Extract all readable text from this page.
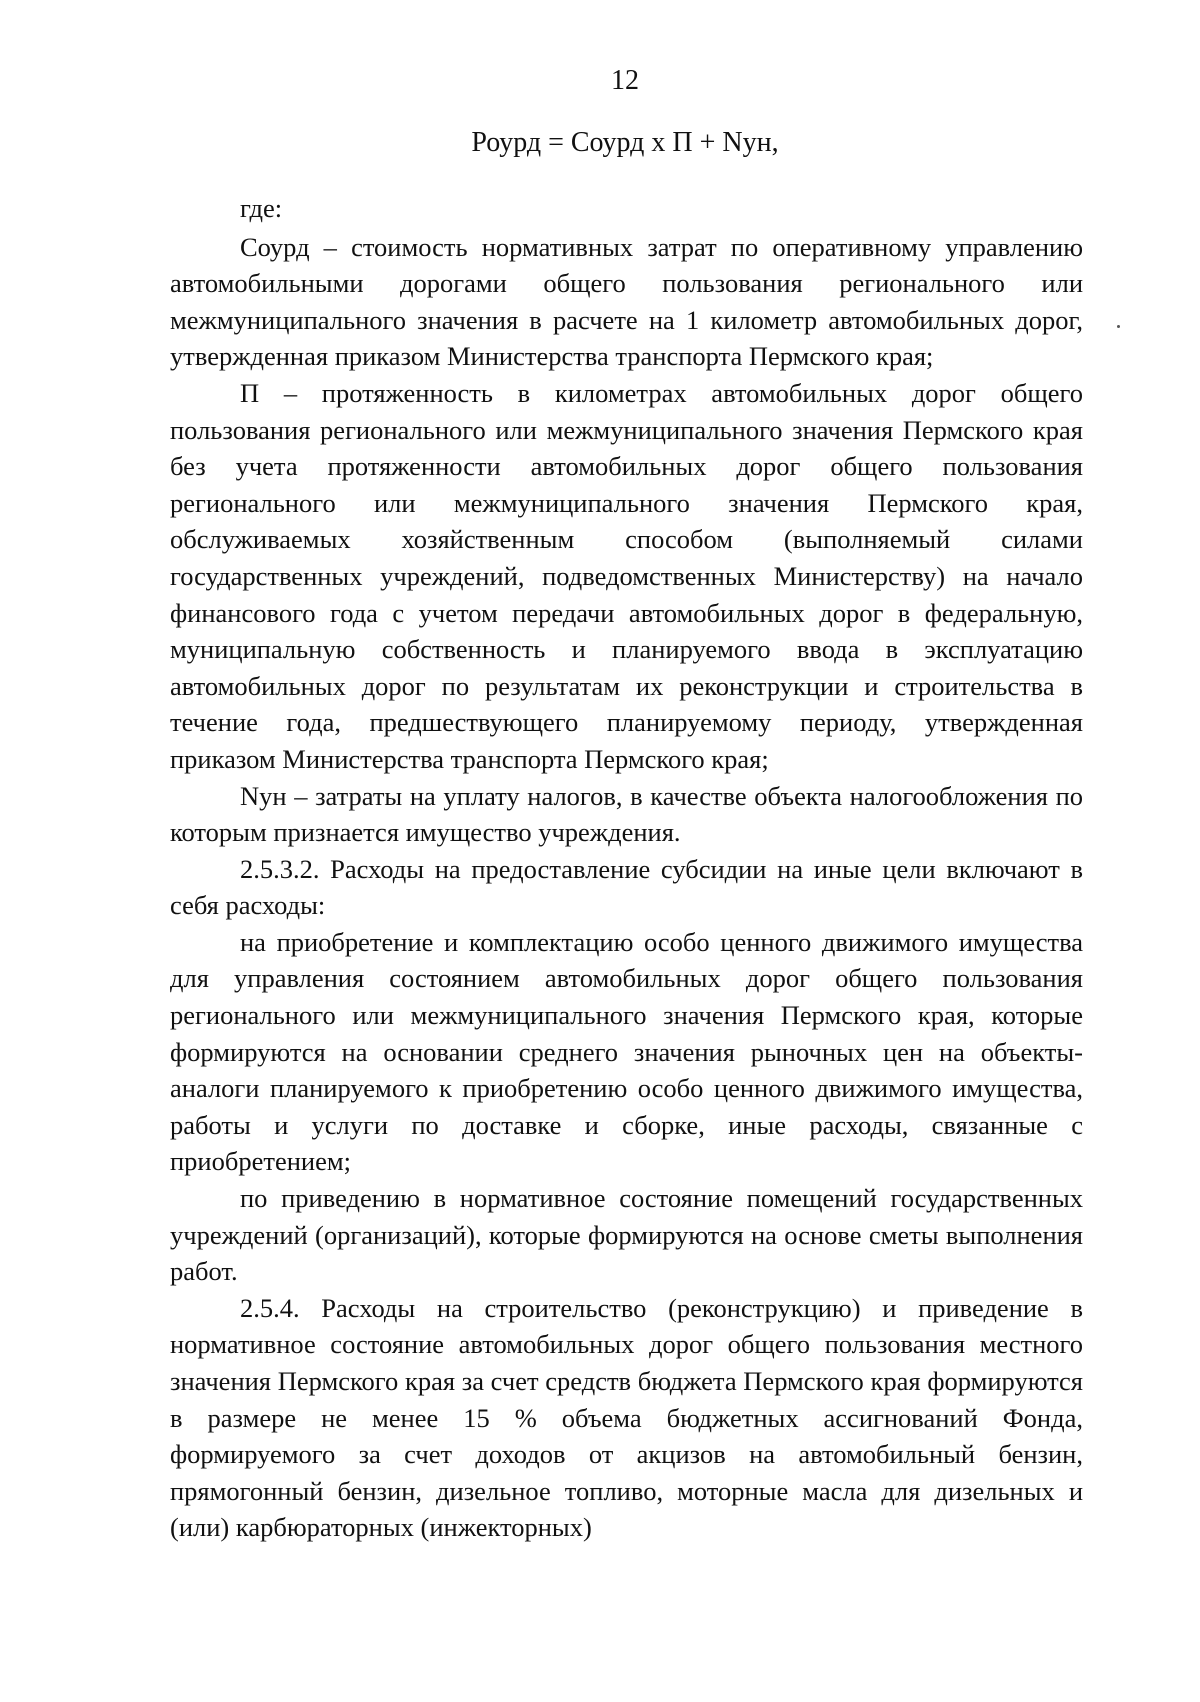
12
Роурд = Соурд х П + Nун,

где:

Соурд – стоимость нормативных затрат по оперативному управлению автомобильными дорогами общего пользования регионального или межмуниципального значения в расчете на 1 километр автомобильных дорог, утвержденная приказом Министерства транспорта Пермского края;

П – протяженность в километрах автомобильных дорог общего пользования регионального или межмуниципального значения Пермского края без учета протяженности автомобильных дорог общего пользования регионального или межмуниципального значения Пермского края, обслуживаемых хозяйственным способом (выполняемый силами государственных учреждений, подведомственных Министерству) на начало финансового года с учетом передачи автомобильных дорог в федеральную, муниципальную собственность и планируемого ввода в эксплуатацию автомобильных дорог по результатам их реконструкции и строительства в течение года, предшествующего планируемому периоду, утвержденная приказом Министерства транспорта Пермского края;

Nун – затраты на уплату налогов, в качестве объекта налогообложения по которым признается имущество учреждения.

2.5.3.2. Расходы на предоставление субсидии на иные цели включают в себя расходы:

на приобретение и комплектацию особо ценного движимого имущества для управления состоянием автомобильных дорог общего пользования регионального или межмуниципального значения Пермского края, которые формируются на основании среднего значения рыночных цен на объекты-аналоги планируемого к приобретению особо ценного движимого имущества, работы и услуги по доставке и сборке, иные расходы, связанные с приобретением;

по приведению в нормативное состояние помещений государственных учреждений (организаций), которые формируются на основе сметы выполнения работ.

2.5.4. Расходы на строительство (реконструкцию) и приведение в нормативное состояние автомобильных дорог общего пользования местного значения Пермского края за счет средств бюджета Пермского края формируются в размере не менее 15 % объема бюджетных ассигнований Фонда, формируемого за счет доходов от акцизов на автомобильный бензин, прямогонный бензин, дизельное топливо, моторные масла для дизельных и (или) карбюраторных (инжекторных)
